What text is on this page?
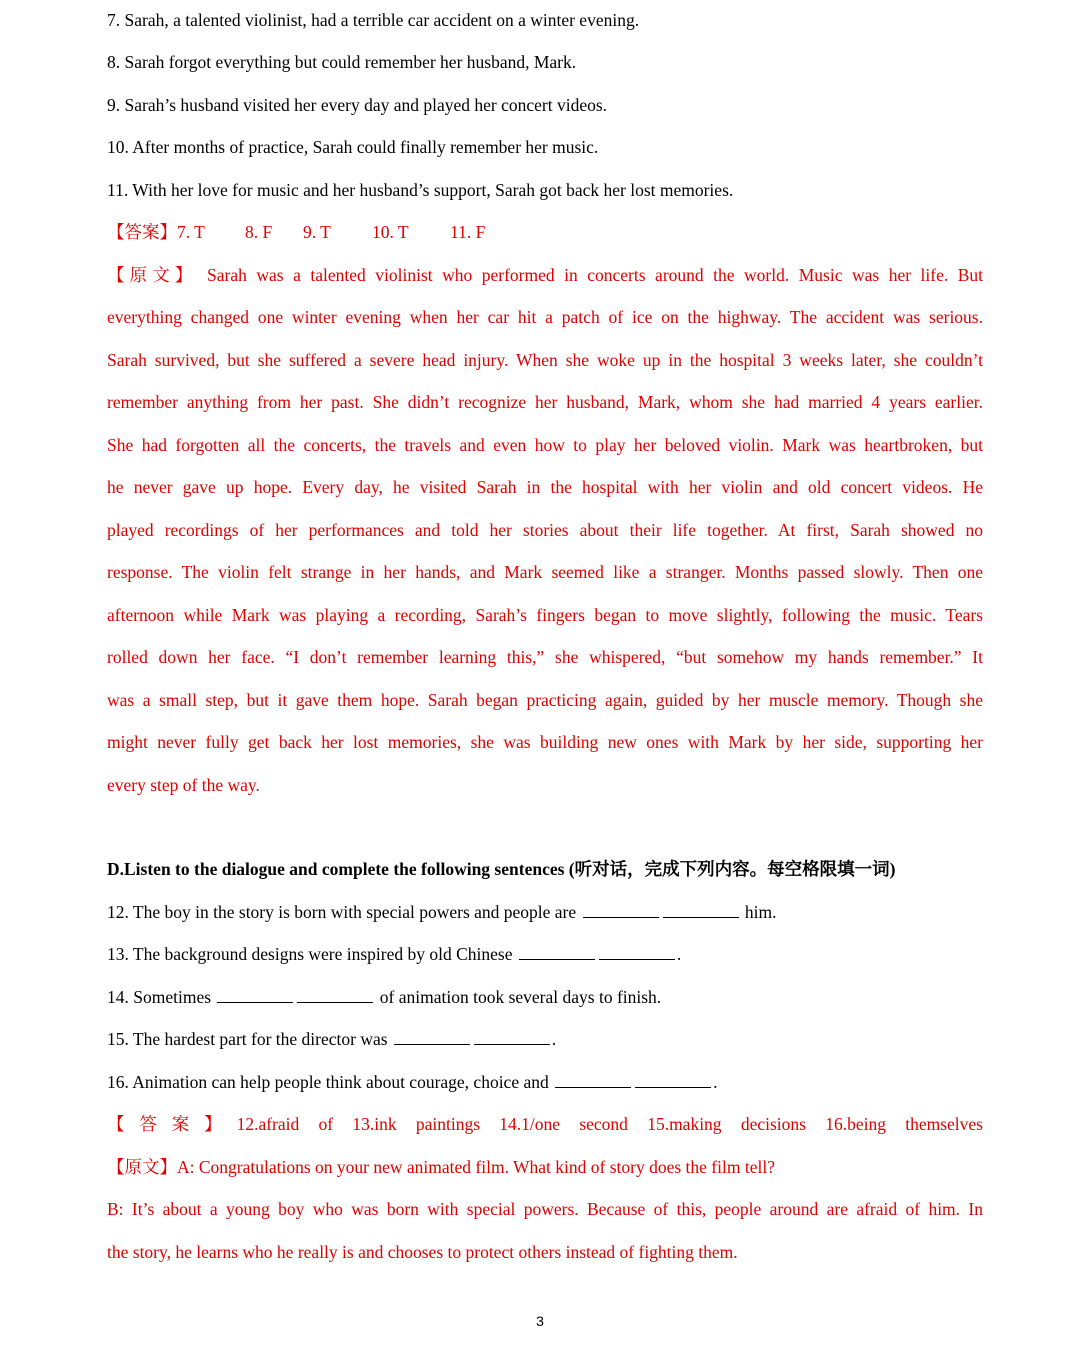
7. Sarah, a talented violinist, had a terrible car accident on a winter evening.
8. Sarah forgot everything but could remember her husband, Mark.
9. Sarah’s husband visited her every day and played her concert videos.
10. After months of practice, Sarah could finally remember her music.
11. With her love for music and her husband’s support, Sarah got back her lost memories.
【答案】7. T 8. F 9. T 10. T 11. F
【原文】 Sarah was a talented violinist who performed in concerts around the world. Music was her life. But
everything changed one winter evening when her car hit a patch of ice on the highway. The accident was serious.
Sarah survived, but she suffered a severe head injury. When she woke up in the hospital 3 weeks later, she couldn’t
remember anything from her past. She didn’t recognize her husband, Mark, whom she had married 4 years earlier.
She had forgotten all the concerts, the travels and even how to play her beloved violin. Mark was heartbroken, but
he never gave up hope. Every day, he visited Sarah in the hospital with her violin and old concert videos. He
played recordings of her performances and told her stories about their life together. At first, Sarah showed no
response. The violin felt strange in her hands, and Mark seemed like a stranger. Months passed slowly. Then one
afternoon while Mark was playing a recording, Sarah’s fingers began to move slightly, following the music. Tears
rolled down her face. “I don’t remember learning this,” she whispered, “but somehow my hands remember.” It
was a small step, but it gave them hope. Sarah began practicing again, guided by her muscle memory. Though she
might never fully get back her lost memories, she was building new ones with Mark by her side, supporting her
every step of the way.
D.Listen to the dialogue and complete the following sentences (听对话，完成下列内容。每空格限填一词)
12. The boy in the story is born with special powers and people are	him.
13. The background designs were inspired by old Chinese	.
14. Sometimes	of animation took several days to finish.
15. The hardest part for the director was	.
16. Animation can help people think about courage, choice and	.
【答案】12.afraid of 13.ink paintings 14.1/one second 15.making decisions 16.being themselves
【原文】A: Congratulations on your new animated film. What kind of story does the film tell?
B: It’s about a young boy who was born with special powers. Because of this, people around are afraid of him. In
the story, he learns who he really is and chooses to protect others instead of fighting them.
3
